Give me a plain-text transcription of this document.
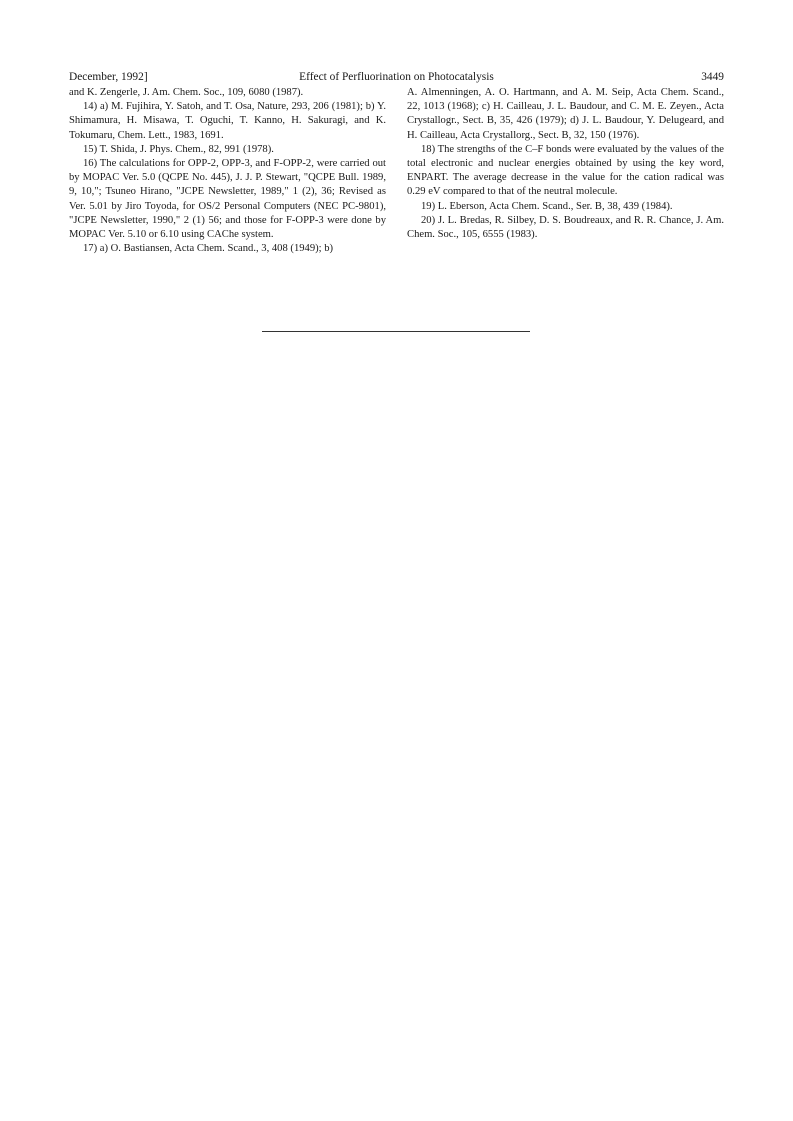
Effect of Perfluorination on Photocatalysis
December, 1992]	3449

and K. Zengerle, J. Am. Chem. Soc., 109, 6080 (1987).

14) a) M. Fujihira, Y. Satoh, and T. Osa, Nature, 293, 206 (1981); b) Y. Shimamura, H. Misawa, T. Oguchi, T. Kanno, H. Sakuragi, and K. Tokumaru, Chem. Lett., 1983, 1691.

15) T. Shida, J. Phys. Chem., 82, 991 (1978).

16) The calculations for OPP-2, OPP-3, and F-OPP-2, were carried out by MOPAC Ver. 5.0 (QCPE No. 445), J. J. P. Stewart, "QCPE Bull. 1989, 9, 10,"; Tsuneo Hirano, "JCPE Newsletter, 1989," 1 (2), 36; Revised as Ver. 5.01 by Jiro Toyoda, for OS/2 Personal Computers (NEC PC-9801), "JCPE Newsletter, 1990," 2 (1) 56; and those for F-OPP-3 were done by MOPAC Ver. 5.10 or 6.10 using CAChe system.

17) a) O. Bastiansen, Acta Chem. Scand., 3, 408 (1949); b)

A. Almenningen, A. O. Hartmann, and A. M. Seip, Acta Chem. Scand., 22, 1013 (1968); c) H. Cailleau, J. L. Baudour, and C. M. E. Zeyen., Acta Crystallogr., Sect. B, 35, 426 (1979); d) J. L. Baudour, Y. Delugeard, and H. Cailleau, Acta Crystallorg., Sect. B, 32, 150 (1976).

18) The strengths of the C–F bonds were evaluated by the values of the total electronic and nuclear energies obtained by using the key word, ENPART. The average decrease in the value for the cation radical was 0.29 eV compared to that of the neutral molecule.

19) L. Eberson, Acta Chem. Scand., Ser. B, 38, 439 (1984).

20) J. L. Bredas, R. Silbey, D. S. Boudreaux, and R. R. Chance, J. Am. Chem. Soc., 105, 6555 (1983).
